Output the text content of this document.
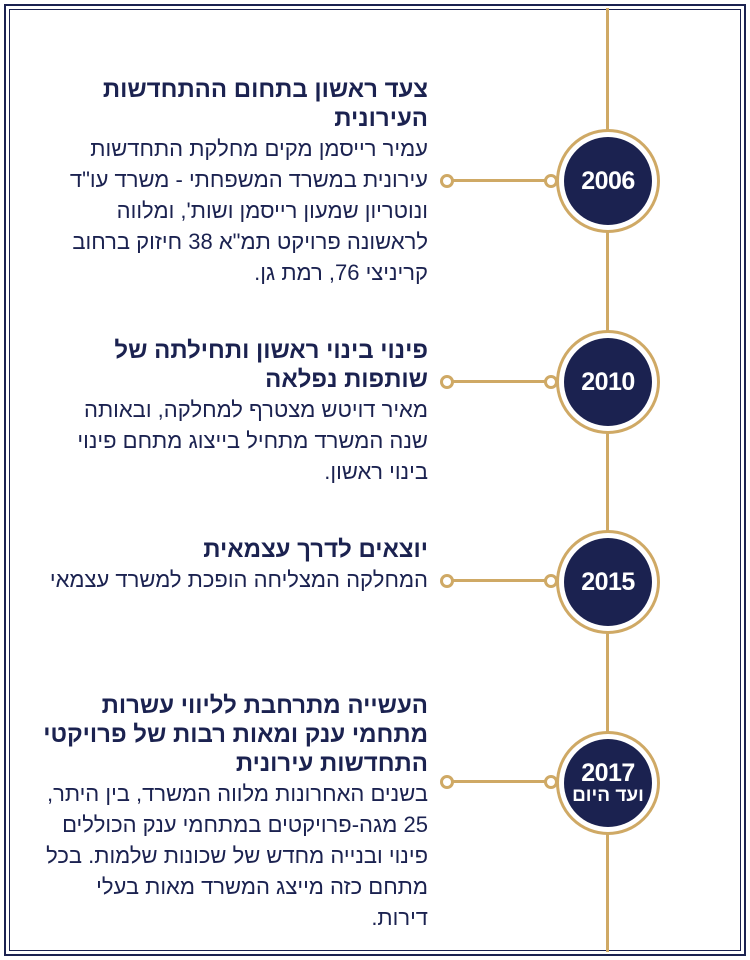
2006

צעד ראשון בתחום ההתחדשות העירונית

עמיר רייסמן מקים מחלקת התחדשות עירונית במשרד המשפחתי - משרד עו"ד ונוטריון שמעון רייסמן ושות', ומלווה לראשונה פרויקט תמ"א 38 חיזוק ברחוב קריניצי 76, רמת גן.

2010

פינוי בינוי ראשון ותחילתה של שותפות נפלאה

מאיר דויטש מצטרף למחלקה, ובאותה שנה המשרד מתחיל בייצוג מתחם פינוי בינוי ראשון.

2015

יוצאים לדרך עצמאית

המחלקה המצליחה הופכת למשרד עצמאי

2017
ועד היום

העשייה מתרחבת לליווי עשרות מתחמי ענק ומאות רבות של פרויקטי התחדשות עירונית

בשנים האחרונות מלווה המשרד, בין היתר, 25 מגה-פרויקטים במתחמי ענק הכוללים פינוי ובנייה מחדש של שכונות שלמות. בכל מתחם כזה מייצג המשרד מאות בעלי דירות.
